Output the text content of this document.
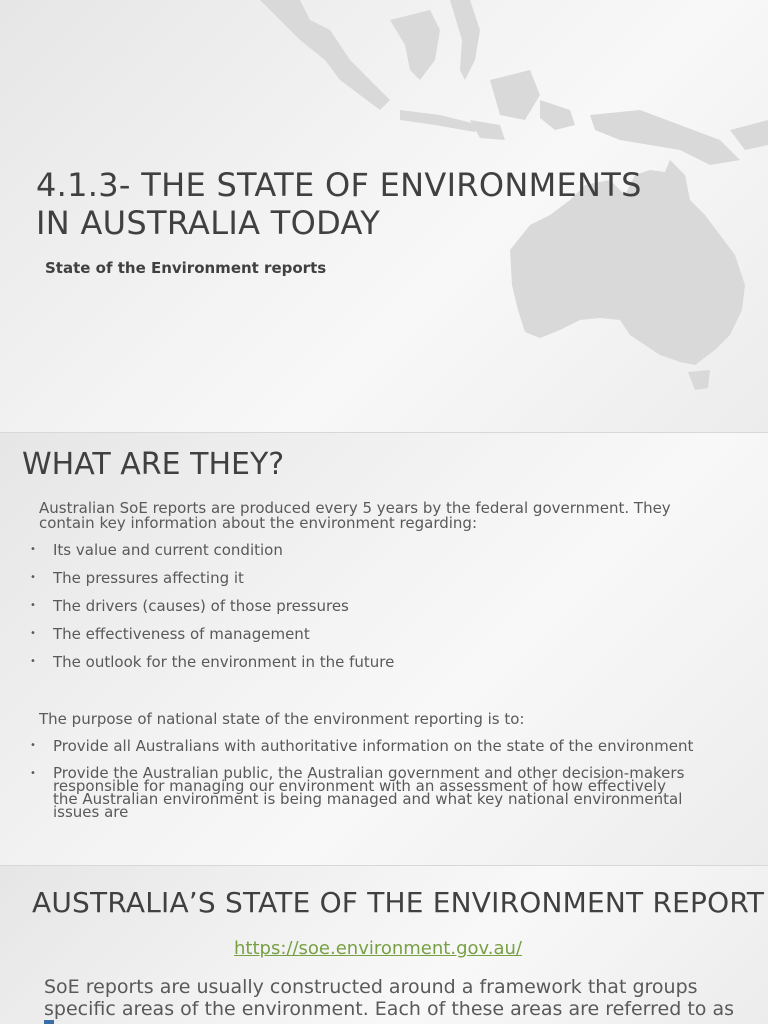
4.1.3- THE STATE OF ENVIRONMENTS
IN AUSTRALIA TODAY
State of the Environment reports
WHAT ARE THEY?
Australian SoE reports are produced every 5 years by the federal government. They contain key information about the environment regarding:
• Its value and current condition
• The pressures affecting it
• The drivers (causes) of those pressures
• The effectiveness of management
• The outlook for the environment in the future
The purpose of national state of the environment reporting is to:
• Provide all Australians with authoritative information on the state of the environment
• Provide the Australian public, the Australian government and other decision-makers responsible for managing our environment with an assessment of how effectively the Australian environment is being managed and what key national environmental issues are
AUSTRALIA’S STATE OF THE ENVIRONMENT REPORT
https://soe.environment.gov.au/
SoE reports are usually constructed around a framework that groups
specific areas of the environment. Each of these areas are referred to as
